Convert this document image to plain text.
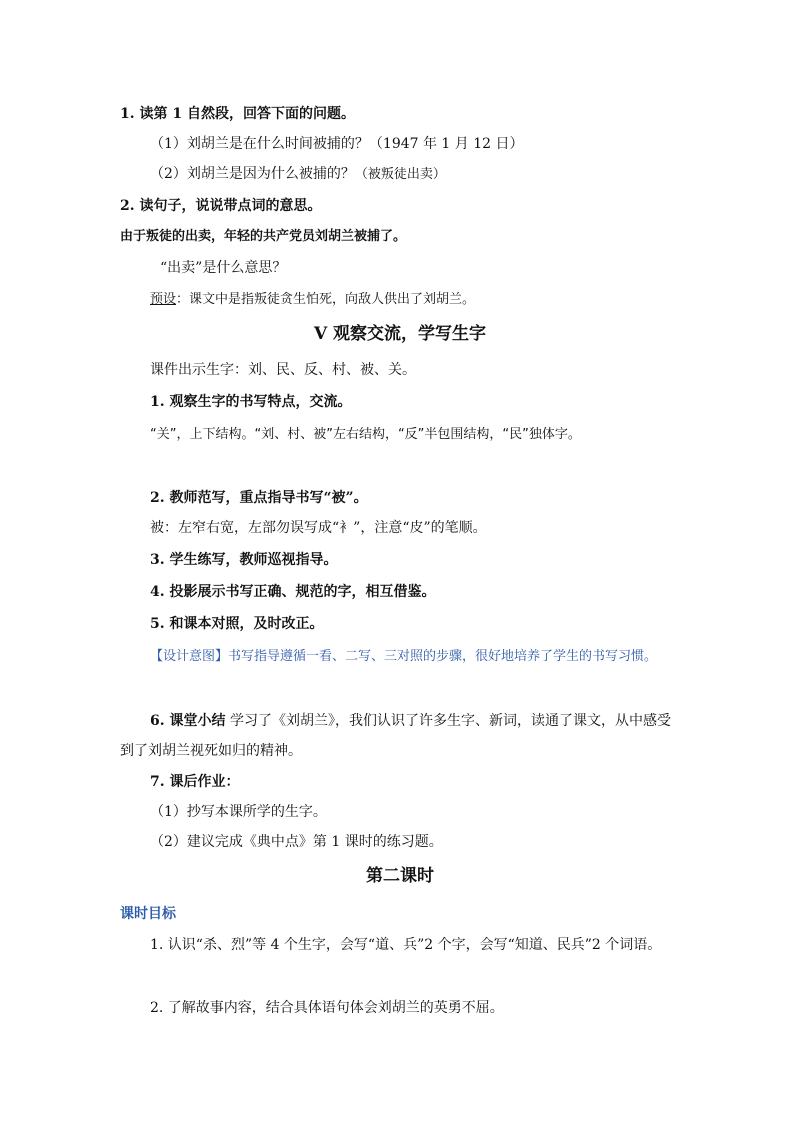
1. 读第 1 自然段，回答下面的问题。
（1）刘胡兰是在什么时间被捕的？（1947 年 1 月 12 日）
（2）刘胡兰是因为什么被捕的？（被叛徒出卖）
2. 读句子，说说带点词的意思。
由于叛徒的出卖，年轻的共产党员刘胡兰被捕了。
“出卖”是什么意思？
预设：课文中是指叛徒贪生怕死，向敌人供出了刘胡兰。
V 观察交流，学写生字
课件出示生字：刘、民、反、村、被、关。
1. 观察生字的书写特点，交流。
“关”，上下结构。“刘、村、被”左右结构，“反”半包围结构，“民”独体字。
2. 教师范写，重点指导书写“被”。
被：左窄右宽，左部勿误写成“衤”，注意“皮”的笔顺。
3. 学生练写，教师巡视指导。
4. 投影展示书写正确、规范的字，相互借鉴。
5. 和课本对照，及时改正。
【设计意图】书写指导遵循一看、二写、三对照的步骤，很好地培养了学生的书写习惯。
6. 课堂小结 学习了《刘胡兰》，我们认识了许多生字、新词，读通了课文，从中感受到了刘胡兰视死如归的精神。
7. 课后作业：
（1）抄写本课所学的生字。
（2）建议完成《典中点》第 1 课时的练习题。
第二课时
课时目标
1. 认识“杀、烈”等 4 个生字，会写“道、兵”2 个字，会写“知道、民兵”2 个词语。
2. 了解故事内容，结合具体语句体会刘胡兰的英勇不屈。
